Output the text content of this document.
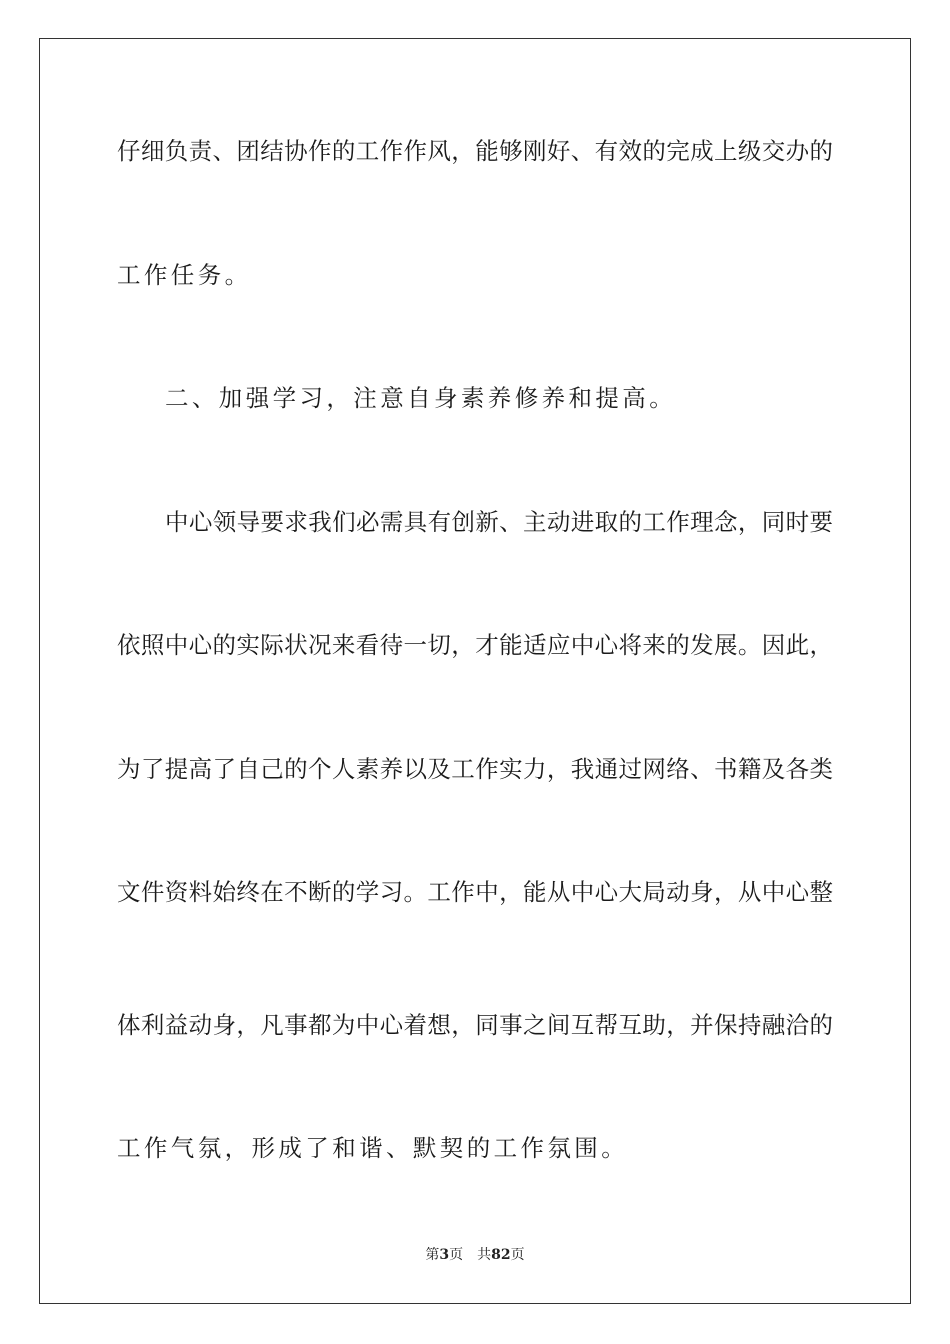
仔细负责、团结协作的工作作风，能够刚好、有效的完成上级交办的
工作任务。
二、加强学习，注意自身素养修养和提高。
中心领导要求我们必需具有创新、主动进取的工作理念，同时要
依照中心的实际状况来看待一切，才能适应中心将来的发展。因此，
为了提高了自己的个人素养以及工作实力，我通过网络、书籍及各类
文件资料始终在不断的学习。工作中，能从中心大局动身，从中心整
体利益动身，凡事都为中心着想，同事之间互帮互助，并保持融洽的
工作气氛，形成了和谐、默契的工作氛围。
第3页 共82页
